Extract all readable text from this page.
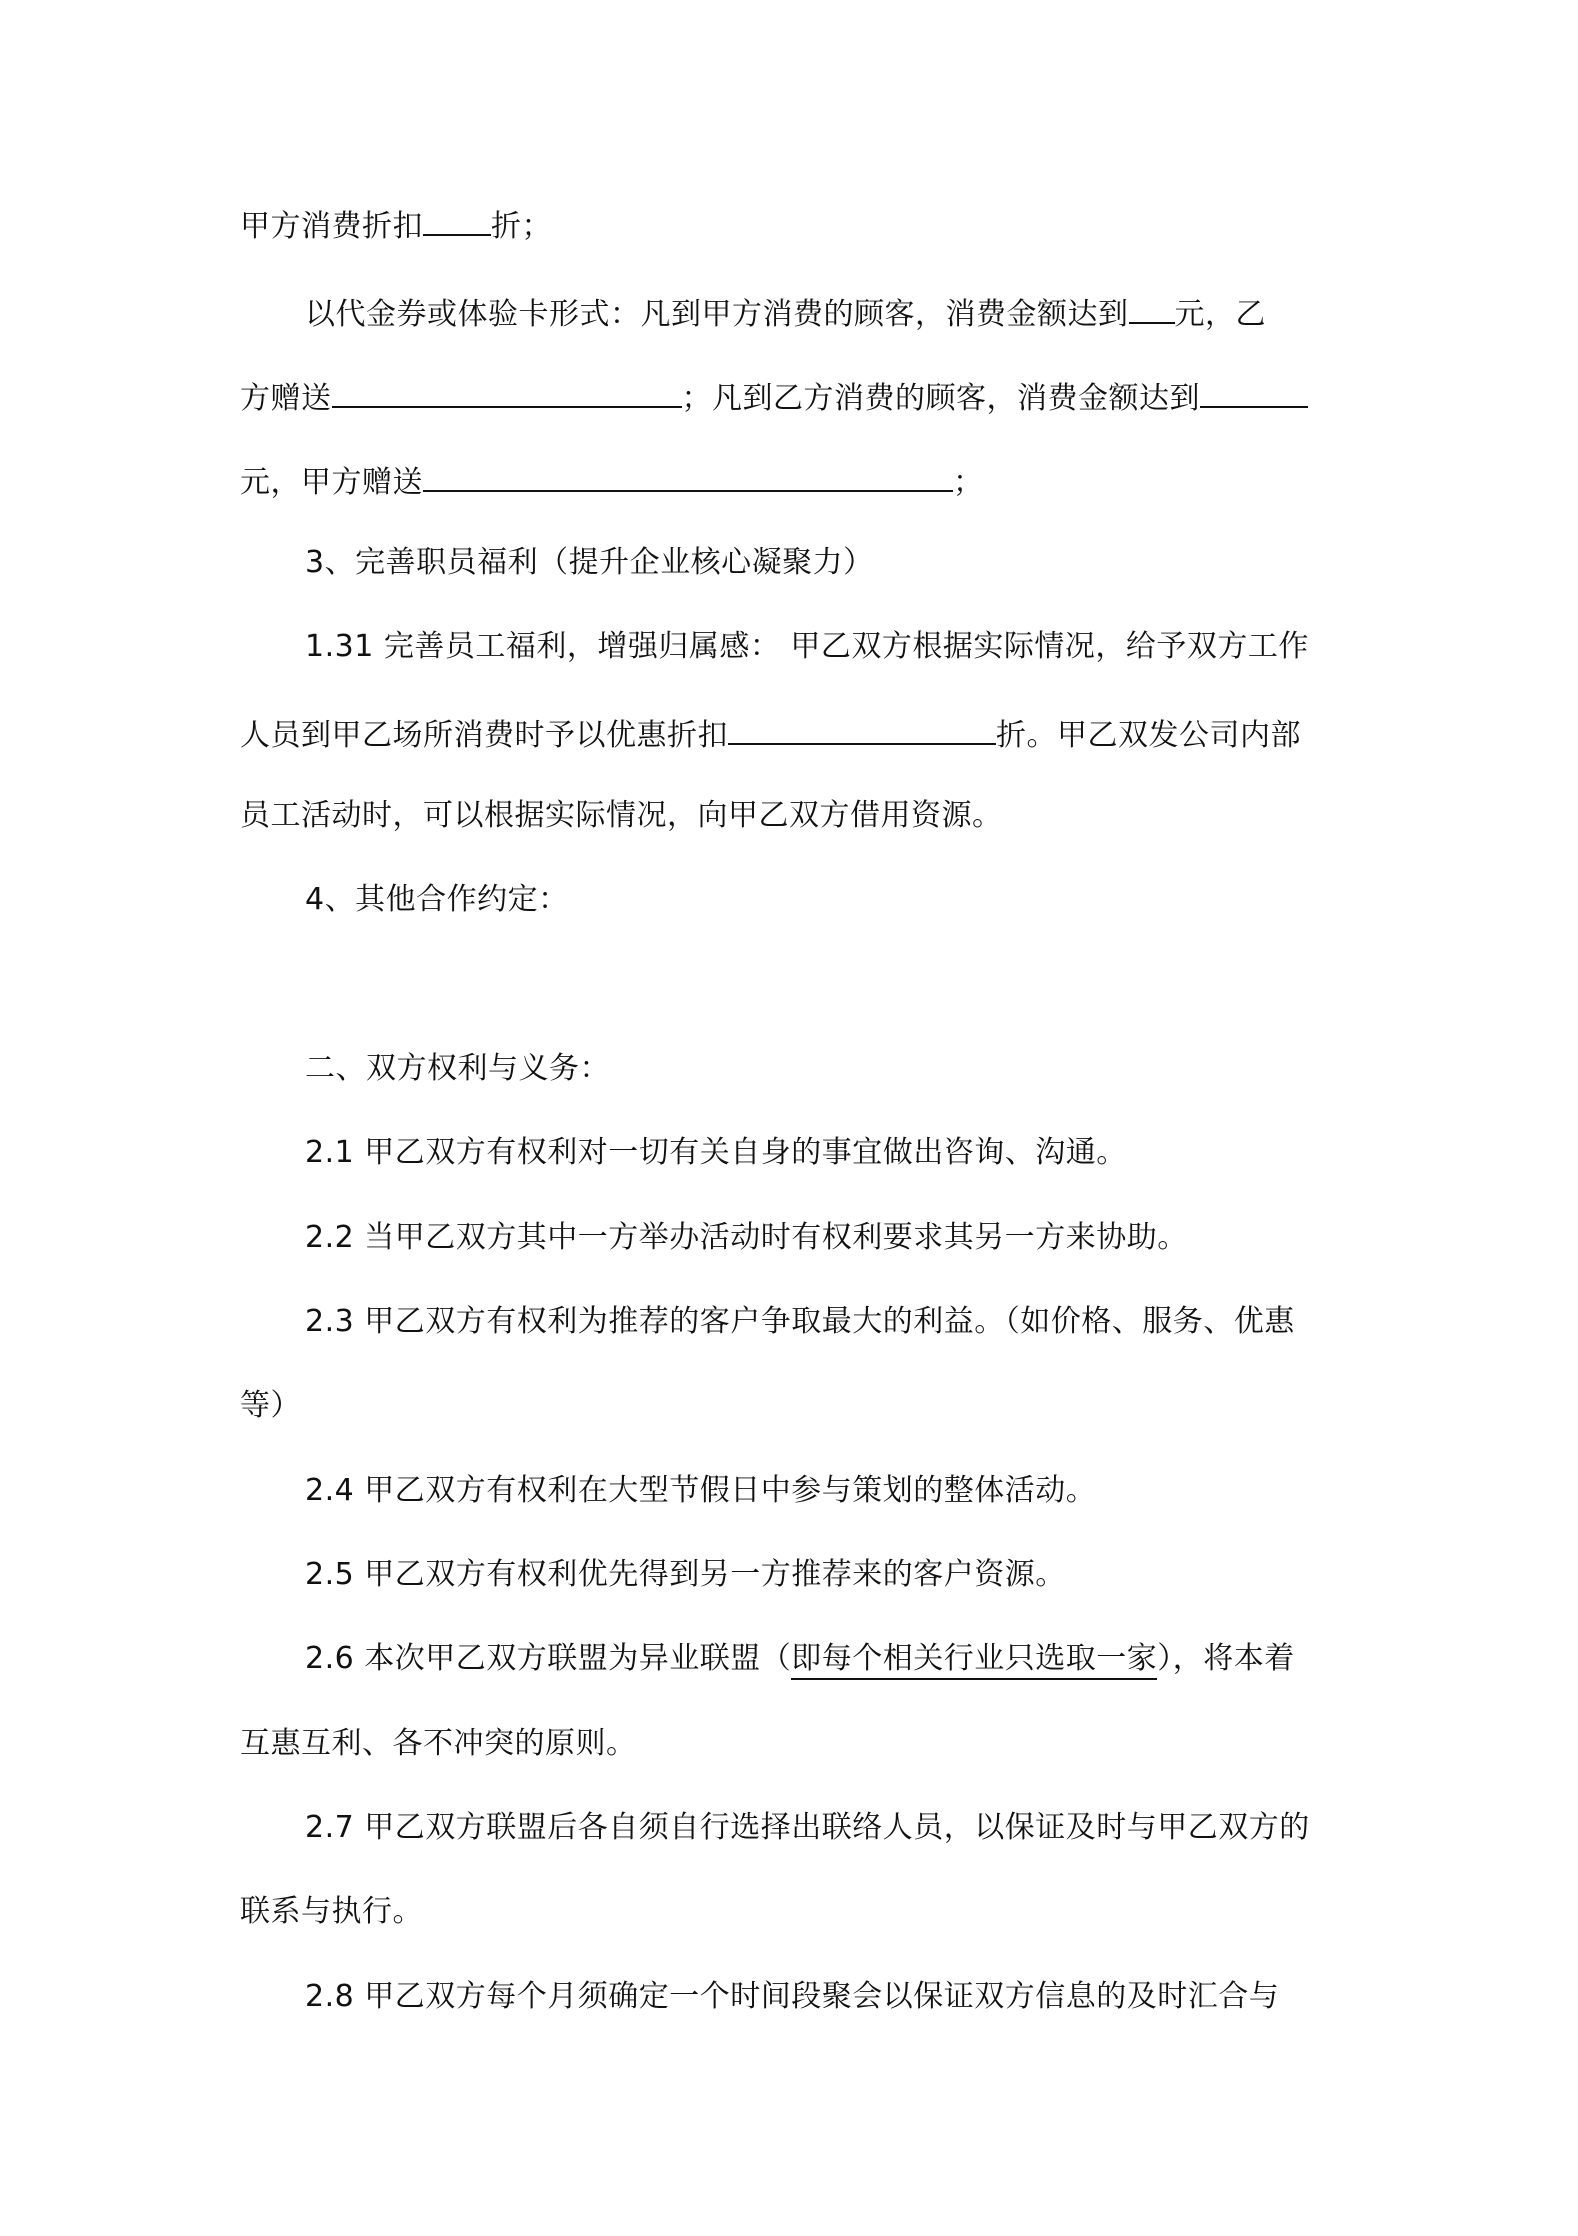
甲方消费折扣 折；
以代金券或体验卡形式：凡到甲方消费的顾客，消费金额达到 元，乙
方赠送	；凡到乙方消费的顾客，消费金额达到
元，甲方赠送	；
3、完善职员福利（提升企业核心凝聚力）
1.31 完善员工福利，增强归属感： 甲乙双方根据实际情况，给予双方工作
人员到甲乙场所消费时予以优惠折扣	折。甲乙双发公司内部
员工活动时，可以根据实际情况，向甲乙双方借用资源。
4、其他合作约定：
二、双方权利与义务：
2.1 甲乙双方有权利对一切有关自身的事宜做出咨询、沟通。
2.2 当甲乙双方其中一方举办活动时有权利要求其另一方来协助。
2.3 甲乙双方有权利为推荐的客户争取最大的利益。（如价格、服务、优惠
等）
2.4 甲乙双方有权利在大型节假日中参与策划的整体活动。
2.5 甲乙双方有权利优先得到另一方推荐来的客户资源。
2.6 本次甲乙双方联盟为异业联盟（即每个相关行业只选取一家），将本着
互惠互利、各不冲突的原则。
2.7 甲乙双方联盟后各自须自行选择出联络人员，以保证及时与甲乙双方的
联系与执行。
2.8 甲乙双方每个月须确定一个时间段聚会以保证双方信息的及时汇合与
